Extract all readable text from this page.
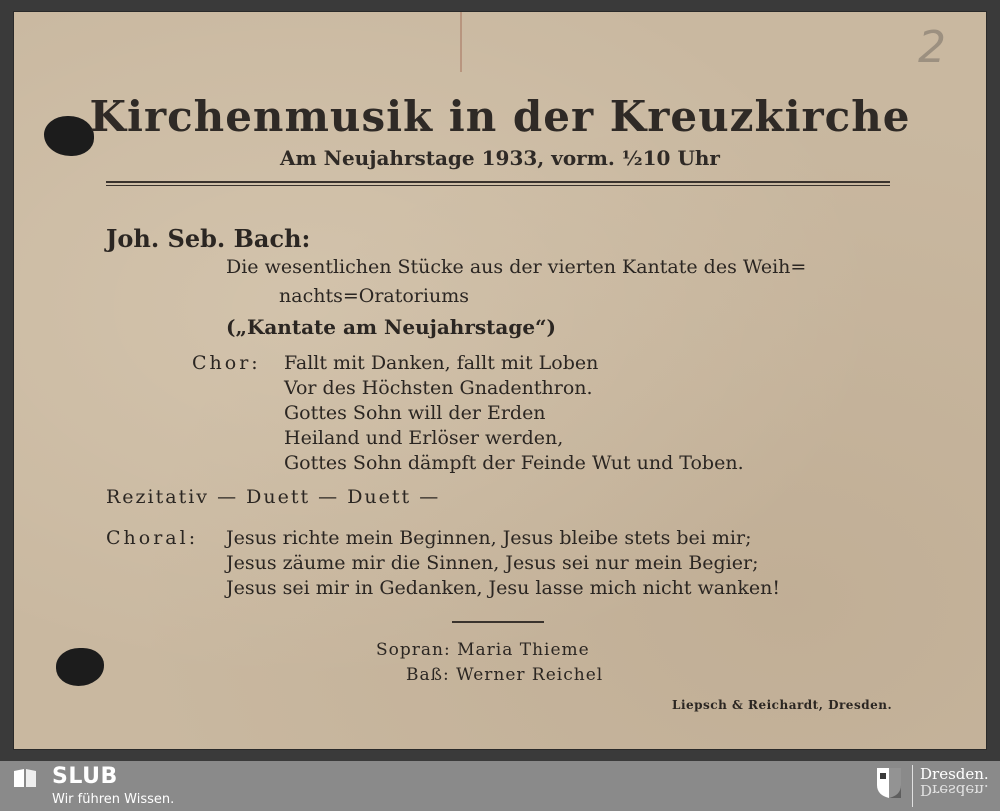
2
Kirchenmusik in der Kreuzkirche
Am Neujahrstage 1933, vorm. ½10 Uhr
Joh. Seb. Bach:
Die wesentlichen Stücke aus der vierten Kantate des Weih=
nachts=Oratoriums
(„Kantate am Neujahrstage“)
Chor: Fallt mit Danken, fallt mit Loben
Vor des Höchsten Gnadenthron.
Gottes Sohn will der Erden
Heiland und Erlöser werden,
Gottes Sohn dämpft der Feinde Wut und Toben.
Rezitativ — Duett — Duett —
Choral: Jesus richte mein Beginnen, Jesus bleibe stets bei mir;
Jesus zäume mir die Sinnen, Jesus sei nur mein Begier;
Jesus sei mir in Gedanken, Jesu lasse mich nicht wanken!
Sopran: Maria Thieme
Baß: Werner Reichel
Liepsch & Reichardt, Dresden.
SLUB
Wir führen Wissen.
Dresden.
Dresden.
